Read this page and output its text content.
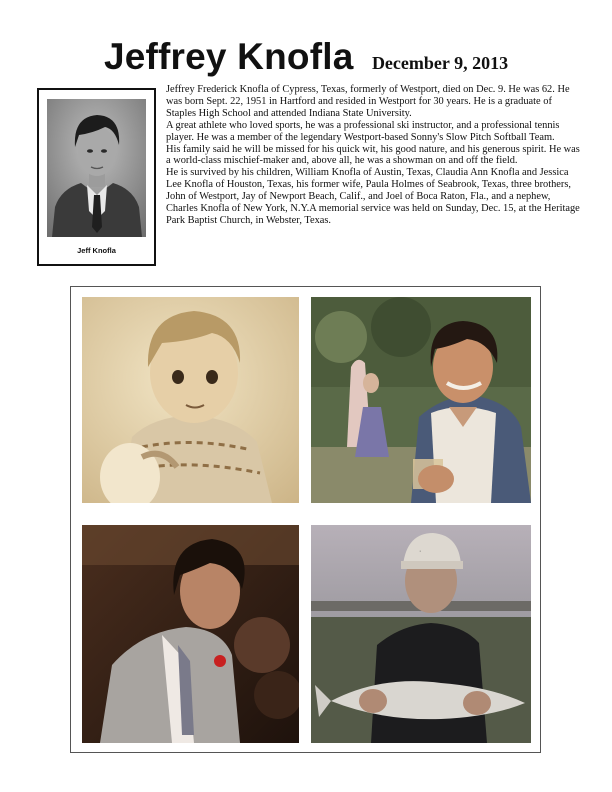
Jeffrey Knofla December 9, 2013
Jeff Knofla

Jeffrey Frederick Knofla of Cypress, Texas, formerly of Westport, died on Dec. 9. He was 62. He was born Sept. 22, 1951 in Hartford and resided in Westport for 30 years. He is a graduate of Staples High School and attended Indiana State University.

A great athlete who loved sports, he was a professional ski instructor, and a professional tennis player. He was a member of the legendary Westport-based Sonny's Slow Pitch Softball Team.

His family said he will be missed for his quick wit, his good nature, and his generous spirit. He was a world-class mischief-maker and, above all, he was a showman on and off the field.

He is survived by his children, William Knofla of Austin, Texas, Claudia Ann Knofla and Jessica Lee Knofla of Houston, Texas, his former wife, Paula Holmes of Seabrook, Texas, three brothers, John of Westport, Jay of Newport Beach, Calif., and Joel of Boca Raton, Fla., and a nephew, Charles Knofla of New York, N.Y.A memorial service was held on Sunday, Dec. 15, at the Heritage Park Baptist Church, in Webster, Texas.

·
